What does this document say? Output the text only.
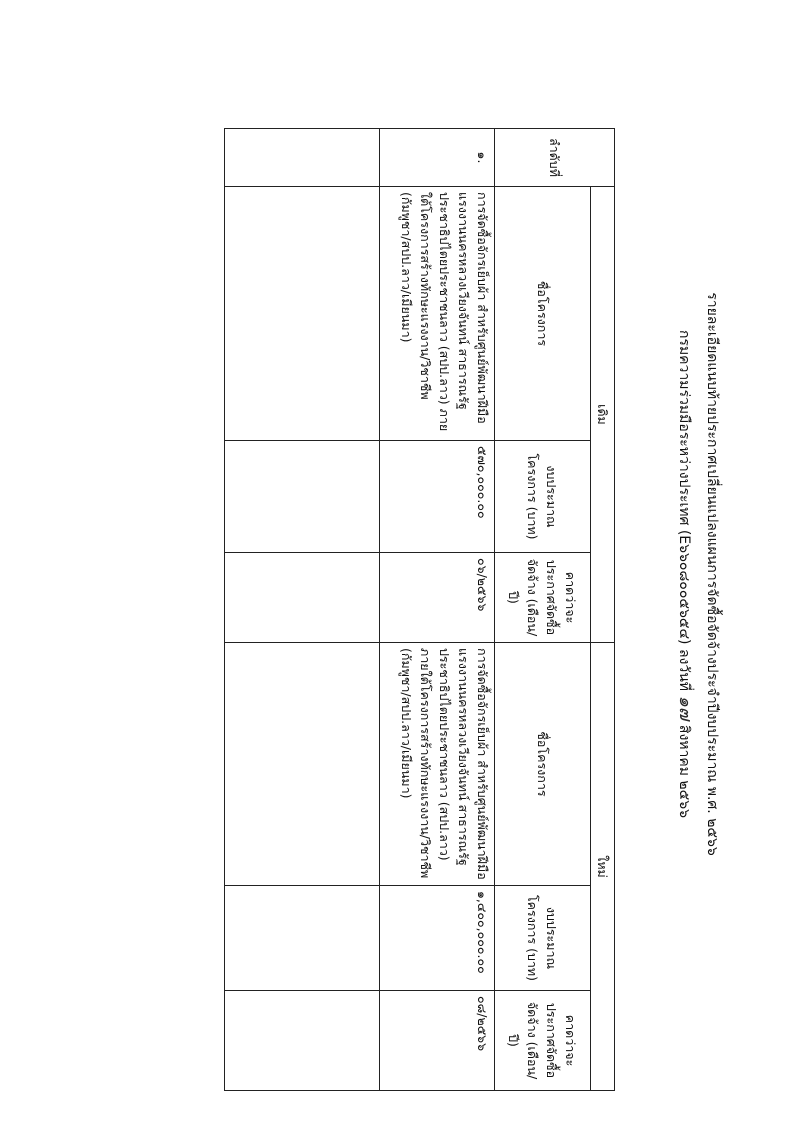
รายละเอียดแนบท้ายประกาศเปลี่ยนแปลงแผนการจัดซื้อจัดจ้างประจำปีงบประมาณ พ.ศ. ๒๕๖๖
กรมความร่วมมือระหว่างประเทศ (E๖๖๐๘๐๐๕๖๕๔) ลงวันที่ ๑๗ สิงหาคม ๒๕๖๖
ลำดับที่	เดิม			ใหม่		
	ชื่อโครงการ	งบประมาณโครงการ (บาท)	คาดว่าจะประกาศจัดซื้อจัดจ้าง (เดือน/ปี)	ชื่อโครงการ	งบประมาณโครงการ (บาท)	คาดว่าจะประกาศจัดซื้อจัดจ้าง (เดือน/ปี)
๑.	การจัดซื้อจักรเย็บผ้า สำหรับศูนย์พัฒนาฝีมือแรงงานนครหลวงเวียงจันทน์ สาธารณรัฐประชาธิปไตยประชาชนลาว (สปป.ลาว) ภายใต้โครงการสร้างทักษะแรงงาน/วิชาชีพ (กัมพูชา/สปป.ลาว/เมียนมา)	๕๗๐,๐๐๐.๐๐	๐๖/๒๕๖๖	การจัดซื้อจักรเย็บผ้า สำหรับศูนย์พัฒนาฝีมือแรงงานนครหลวงเวียงจันทน์ สาธารณรัฐประชาธิปไตยประชาชนลาว (สปป.ลาว) ภายใต้โครงการสร้างทักษะแรงงาน/วิชาชีพ (กัมพูชา/สปป.ลาว/เมียนมา)	๑,๔๐๐,๐๐๐.๐๐	๐๘/๒๕๖๖
